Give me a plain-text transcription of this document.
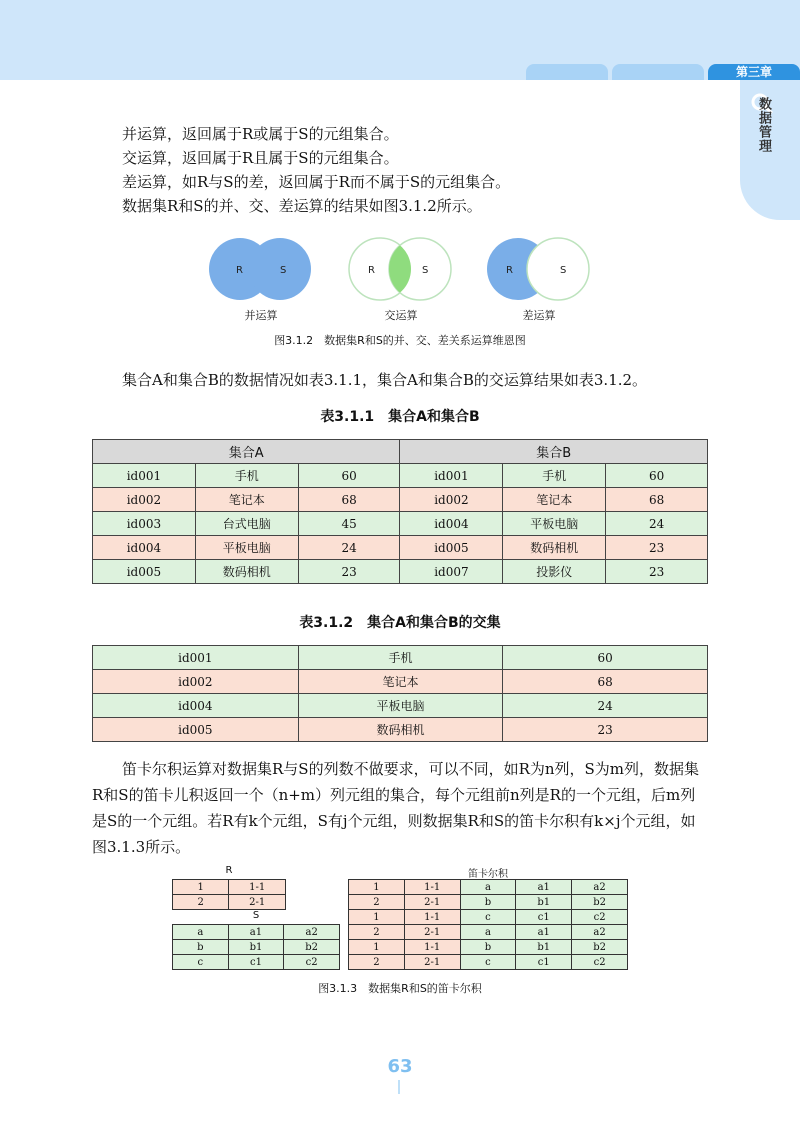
第三章
数据管理

并运算，返回属于R或属于S的元组集合。

交运算，返回属于R且属于S的元组集合。

差运算，如R与S的差，返回属于R而不属于S的元组集合。

数据集R和S的并、交、差运算的结果如图3.1.2所示。

R	S	R	S	R	S
并运算	交运算	差运算
图3.1.2　数据集R和S的并、交、差关系运算维恩图

集合A和集合B的数据情况如表3.1.1，集合A和集合B的交运算结果如表3.1.2。

表3.1.1　集合A和集合B
集合A			集合B		
id001	手机	60	id001	手机	60
id002	笔记本	68	id002	笔记本	68
id003	台式电脑	45	id004	平板电脑	24
id004	平板电脑	24	id005	数码相机	23
id005	数码相机	23	id007	投影仪	23
表3.1.2　集合A和集合B的交集
id001	手机	60
id002	笔记本	68
id004	平板电脑	24
id005	数码相机	23

笛卡尔积运算对数据集R与S的列数不做要求，可以不同，如R为n列，S为m列，数据集R和S的笛卡儿积返回一个（n+m）列元组的集合，每个元组前n列是R的一个元组，后m列是S的一个元组。若R有k个元组，S有j个元组，则数据集R和S的笛卡尔积有k×j个元组，如图3.1.3所示。

R
1	1-1
2	2-1
S
a	a1	a2
b	b1	b2
c	c1	c2
笛卡尔积
1	1-1	a	a1	a2
2	2-1	b	b1	b2
1	1-1	c	c1	c2
2	2-1	a	a1	a2
1	1-1	b	b1	b2
2	2-1	c	c1	c2
图3.1.3　数据集R和S的笛卡尔积
63
